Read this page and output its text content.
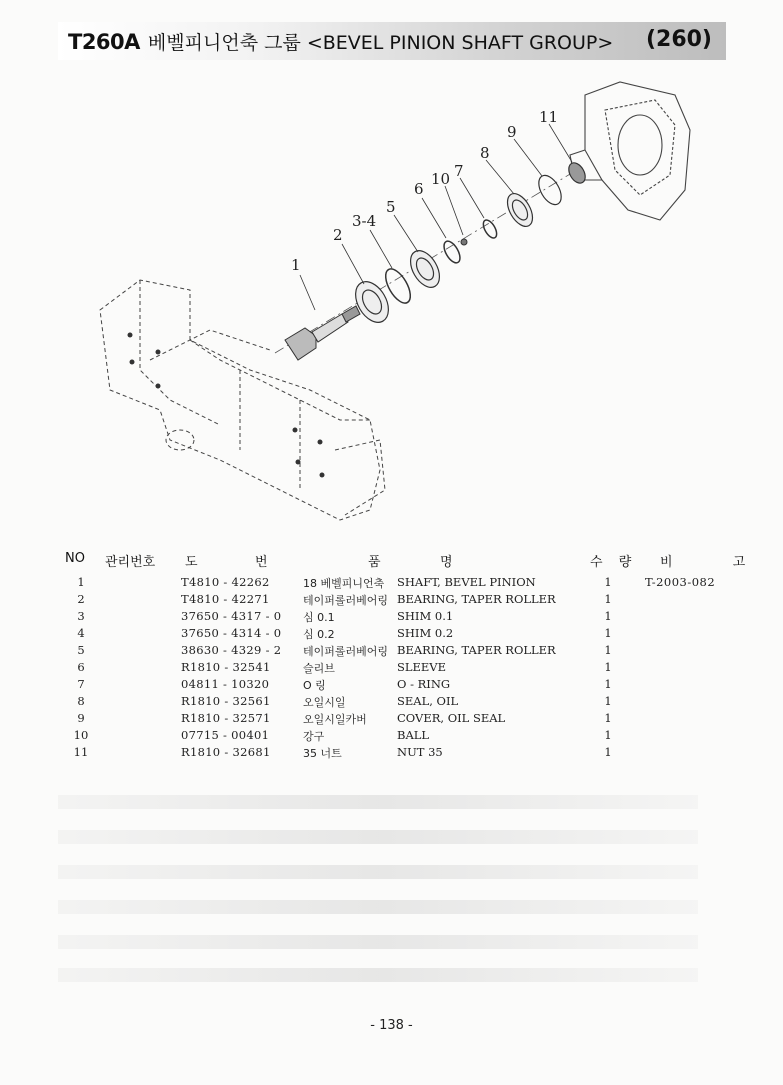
T260A 베벨피니언축 그룹 <BEVEL PINION SHAFT GROUP> (260)
1
2
3-4
5
6
10 7
8
9
11
NO 관리번호 도	번	품	명	수 량 비 고
1	T4810 - 42262	18 베벨피니언축 SHAFT, BEVEL PINION	1	T-2003-082
2	T4810 - 42271	테이퍼롤러베어링 BEARING, TAPER ROLLER	1
3	37650 - 4317 - 0 심 0.1	SHIM 0.1	1
4	37650 - 4314 - 0 심 0.2	SHIM 0.2	1
5	38630 - 4329 - 2 테이퍼롤러베어링 BEARING, TAPER ROLLER	1
6	R1810 - 32541	슬리브	SLEEVE	1
7	04811 - 10320	O 링	O - RING	1
8	R1810 - 32561	오일시일	SEAL, OIL	1
9	R1810 - 32571	오일시일카버	COVER, OIL SEAL	1
10	07715 - 00401	강구	BALL	1
11	R1810 - 32681	35 너트	NUT 35	1
- 138 -
